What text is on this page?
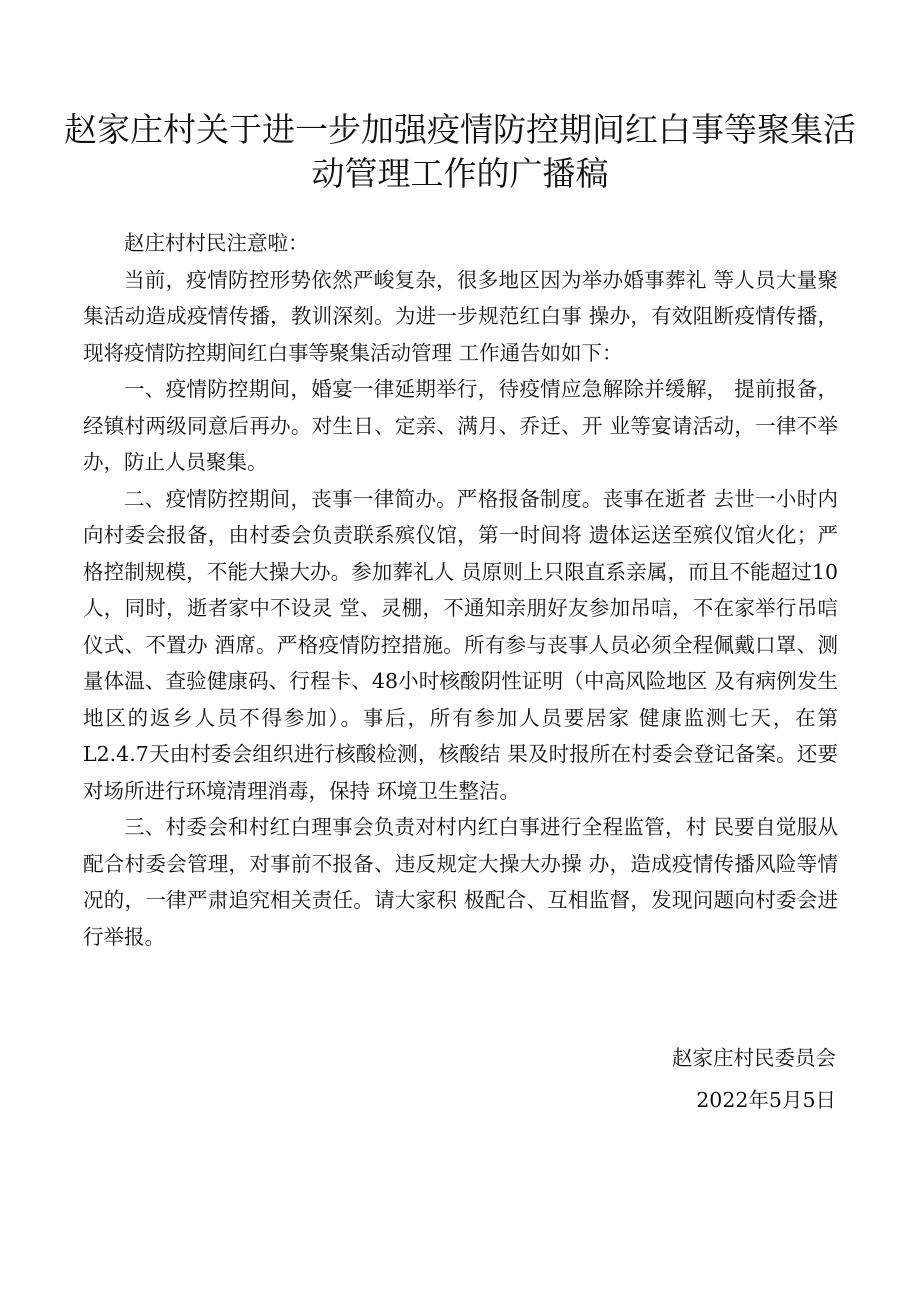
赵家庄村关于进一步加强疫情防控期间红白事等聚集活动管理工作的广播稿

赵庄村村民注意啦：

当前，疫情防控形势依然严峻复杂，很多地区因为举办婚事葬礼 等人员大量聚集活动造成疫情传播，教训深刻。为进一步规范红白事 操办，有效阻断疫情传播，现将疫情防控期间红白事等聚集活动管理 工作通告如如下：

一、疫情防控期间，婚宴一律延期举行，待疫情应急解除并缓解， 提前报备，经镇村两级同意后再办。对生日、定亲、满月、乔迁、开 业等宴请活动，一律不举办，防止人员聚集。

二、疫情防控期间，丧事一律简办。严格报备制度。丧事在逝者 去世一小时内向村委会报备，由村委会负责联系殡仪馆，第一时间将 遗体运送至殡仪馆火化；严格控制规模，不能大操大办。参加葬礼人 员原则上只限直系亲属，而且不能超过10人，同时，逝者家中不设灵 堂、灵棚，不通知亲朋好友参加吊唁，不在家举行吊唁仪式、不置办 酒席。严格疫情防控措施。所有参与丧事人员必须全程佩戴口罩、测 量体温、查验健康码、行程卡、48小时核酸阴性证明（中高风险地区 及有病例发生地区的返乡人员不得参加）。事后，所有参加人员要居家 健康监测七天，在第L2.4.7天由村委会组织进行核酸检测，核酸结 果及时报所在村委会登记备案。还要对场所进行环境清理消毒，保持 环境卫生整洁。

三、村委会和村红白理事会负责对村内红白事进行全程监管，村 民要自觉服从配合村委会管理，对事前不报备、违反规定大操大办操 办，造成疫情传播风险等情况的，一律严肃追究相关责任。请大家积 极配合、互相监督，发现问题向村委会进行举报。

赵家庄村民委员会

2022年5月5日
